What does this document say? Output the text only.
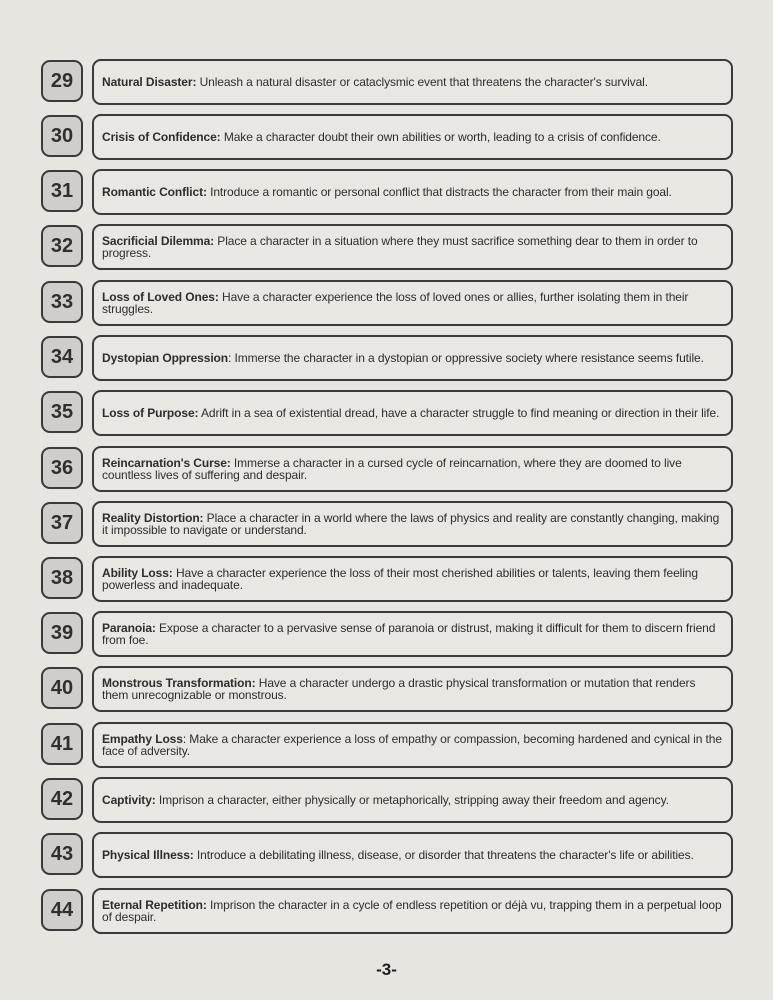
29	Natural Disaster: Unleash a natural disaster or cataclysmic event that threatens the character's survival.
30	Crisis of Confidence: Make a character doubt their own abilities or worth, leading to a crisis of confidence.
31	Romantic Conflict: Introduce a romantic or personal conflict that distracts the character from their main goal.
32	Sacrificial Dilemma: Place a character in a situation where they must sacrifice something dear to them in order to progress.
33	Loss of Loved Ones: Have a character experience the loss of loved ones or allies, further isolating them in their struggles.
34	Dystopian Oppression: Immerse the character in a dystopian or oppressive society where resistance seems futile.
35	Loss of Purpose: Adrift in a sea of existential dread, have a character struggle to find meaning or direction in their life.
36	Reincarnation's Curse: Immerse a character in a cursed cycle of reincarnation, where they are doomed to live countless lives of suffering and despair.
37	Reality Distortion: Place a character in a world where the laws of physics and reality are constantly changing, making it impossible to navigate or understand.
38	Ability Loss: Have a character experience the loss of their most cherished abilities or talents, leaving them feeling powerless and inadequate.
39	Paranoia: Expose a character to a pervasive sense of paranoia or distrust, making it difficult for them to discern friend from foe.
40	Monstrous Transformation: Have a character undergo a drastic physical transformation or mutation that renders them unrecognizable or monstrous.
41	Empathy Loss: Make a character experience a loss of empathy or compassion, becoming hardened and cynical in the face of adversity.
42	Captivity: Imprison a character, either physically or metaphorically, stripping away their freedom and agency.
43	Physical Illness: Introduce a debilitating illness, disease, or disorder that threatens the character's life or abilities.
44	Eternal Repetition: Imprison the character in a cycle of endless repetition or déjà vu, trapping them in a perpetual loop of despair.
-3-
